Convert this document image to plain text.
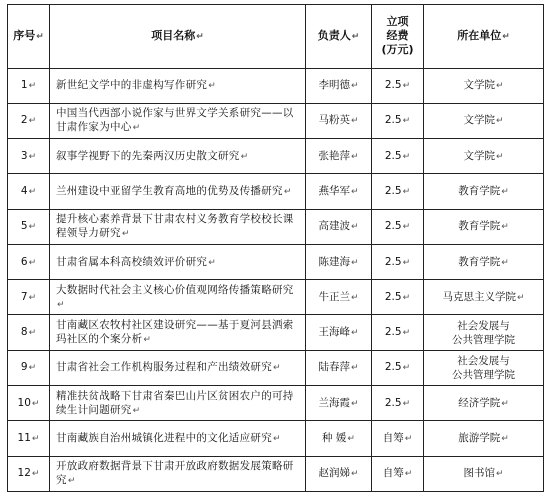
序号↵	项目名称↵	负责人↵	立项
经费
(万元)	所在单位↵
1↵	新世纪文学中的非虚构写作研究↵	李明德↵	2.5↵	文学院↵
2↵	中国当代西部小说作家与世界文学关系研究——以甘肃作家为中心↵	马粉英↵	2.5↵	文学院↵
3↵	叙事学视野下的先秦两汉历史散文研究↵	张艳萍↵	2.5↵	文学院↵
4↵	兰州建设中亚留学生教育高地的优势及传播研究↵	燕华军↵	2.5↵	教育学院↵
5↵	提升核心素养背景下甘肃农村义务教育学校校长课程领导力研究↵	高建波↵	2.5↵	教育学院↵
6↵	甘肃省属本科高校绩效评价研究↵	陈建海↵	2.5↵	教育学院↵
7↵	大数据时代社会主义核心价值观网络传播策略研究↵	牛正兰↵	2.5↵	马克思主义学院↵
8↵	甘南藏区农牧村社区建设研究——基于夏河县洒索玛社区的个案分析↵	王海峰↵	2.5↵	社会发展与
公共管理学院

9↵	甘肃省社会工作机构服务过程和产出绩效研究↵	陆春萍↵	2.5↵	社会发展与
公共管理学院

10↵	精准扶贫战略下甘肃省秦巴山片区贫困农户的可持续生计问题研究↵	兰海霞↵	2.5↵	经济学院↵
11↵	甘南藏族自治州城镇化进程中的文化适应研究↵	种 媛↵	自筹↵	旅游学院↵
12↵	开放政府数据背景下甘肃开放政府数据发展策略研究↵	赵润娣↵	自筹↵	图书馆↵
